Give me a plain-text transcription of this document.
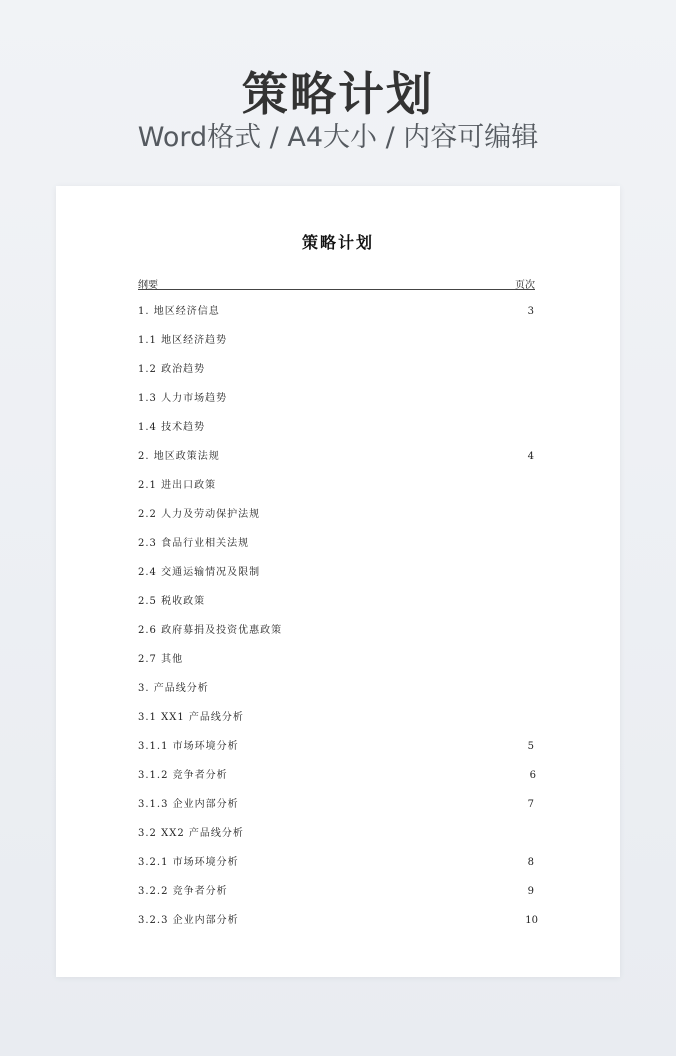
策略计划
Word格式 / A4大小 / 内容可编辑
策略计划
纲要	页次
1. 地区经济信息	3
1.1 地区经济趋势
1.2 政治趋势
1.3 人力市场趋势
1.4 技术趋势
2. 地区政策法规	4
2.1 进出口政策
2.2 人力及劳动保护法规
2.3 食品行业相关法规
2.4 交通运输情况及限制
2.5 税收政策
2.6 政府募捐及投资优惠政策
2.7 其他
3. 产品线分析
3.1 XX1 产品线分析
3.1.1 市场环境分析	5
3.1.2 竞争者分析	6
3.1.3 企业内部分析	7
3.2 XX2 产品线分析
3.2.1 市场环境分析	8
3.2.2 竞争者分析	9
3.2.3 企业内部分析	10
